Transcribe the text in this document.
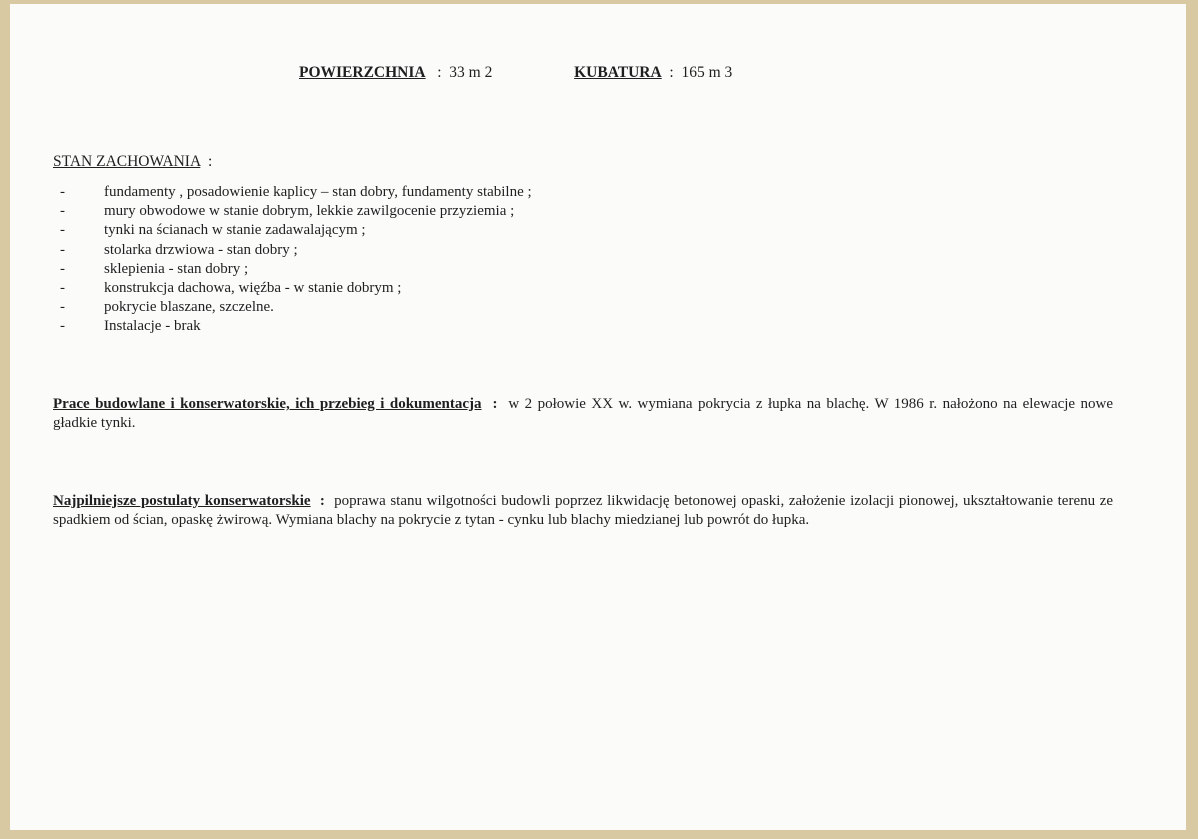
POWIERZCHNIA : 33 m 2	KUBATURA : 165 m 3
STAN ZACHOWANIA :
-	fundamenty , posadowienie kaplicy – stan dobry, fundamenty stabilne ;
-	mury obwodowe w stanie dobrym, lekkie zawilgocenie przyziemia ;
-	tynki na ścianach w stanie zadawalającym ;
-	stolarka drzwiowa - stan dobry ;
-	sklepienia - stan dobry ;
-	konstrukcja dachowa, więźba - w stanie dobrym ;
-	pokrycie blaszane, szczelne.
-	Instalacje - brak
Prace budowlane i konserwatorskie, ich przebieg i dokumentacja : w 2 połowie XX w. wymiana pokrycia z łupka na blachę. W 1986 r. nałożono na elewacje nowe gładkie tynki.
Najpilniejsze postulaty konserwatorskie : poprawa stanu wilgotności budowli poprzez likwidację betonowej opaski, założenie izolacji pionowej, ukształtowanie terenu ze spadkiem od ścian, opaskę żwirową. Wymiana blachy na pokrycie z tytan - cynku lub blachy miedzianej lub powrót do łupka.
